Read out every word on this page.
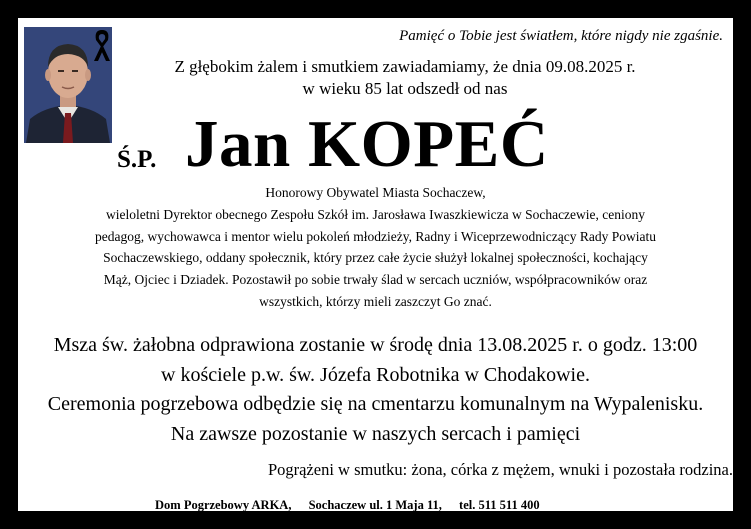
Pamięć o Tobie jest światłem, które nigdy nie zgaśnie.
Z głębokim żalem i smutkiem zawiadamiamy, że dnia 09.08.2025 r.
w wieku 85 lat odszedł od nas
Ś.P. Jan KOPEĆ
Honorowy Obywatel Miasta Sochaczew,
wieloletni Dyrektor obecnego Zespołu Szkół im. Jarosława Iwaszkiewicza w Sochaczewie, ceniony
pedagog, wychowawca i mentor wielu pokoleń młodzieży, Radny i Wiceprzewodniczący Rady Powiatu
Sochaczewskiego, oddany społecznik, który przez całe życie służył lokalnej społeczności, kochający
Mąż, Ojciec i Dziadek. Pozostawił po sobie trwały ślad w sercach uczniów, współpracowników oraz
wszystkich, którzy mieli zaszczyt Go znać.
Msza św. żałobna odprawiona zostanie w środę dnia 13.08.2025 r. o godz. 13:00
w kościele p.w. św. Józefa Robotnika w Chodakowie.
Ceremonia pogrzebowa odbędzie się na cmentarzu komunalnym na Wypalenisku.
Na zawsze pozostanie w naszych sercach i pamięci
Pogrążeni w smutku: żona, córka z mężem, wnuki i pozostała rodzina.
Dom Pogrzebowy ARKA, Sochaczew ul. 1 Maja 11, tel. 511 511 400
